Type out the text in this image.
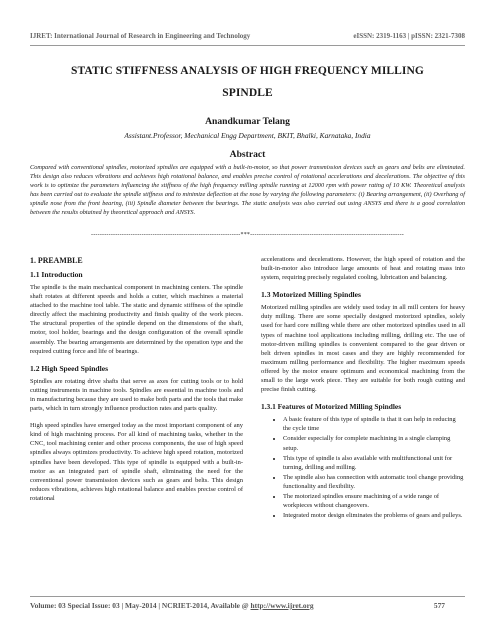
IJRET: International Journal of Research in Engineering and Technology	eISSN: 2319-1163 | pISSN: 2321-7308
STATIC STIFFNESS ANALYSIS OF HIGH FREQUENCY MILLING
SPINDLE
Anandkumar Telang
Assistant.Professor, Mechanical Engg Department, BKIT, Bhalki, Karnataka, India
Abstract
Compared with conventional spindles, motorized spindles are equipped with a built-in-motor, so that power transmission devices such as gears and belts are eliminated. This design also reduces vibrations and achieves high rotational balance, and enables precise control of rotational accelerations and decelerations. The objective of this work is to optimize the parameters influencing the stiffness of the high frequency milling spindle running at 12000 rpm with power rating of 10 KW. Theoretical analysis has been carried out to evaluate the spindle stiffness and to minimize deflection at the nose by varying the following parameters: (i) Bearing arrangement, (ii) Overhang of spindle nose from the front bearing, (iii) Spindle diameter between the bearings. The static analysis was also carried out using ANSYS and there is a good correlation between the results obtained by theoretical approach and ANSYS.
--------------------------------------------------------------------***----------------------------------------------------------------------
1. PREAMBLE
1.1 Introduction

The spindle is the main mechanical component in machining centers. The spindle shaft rotates at different speeds and holds a cutter, which machines a material attached to the machine tool table. The static and dynamic stiffness of the spindle directly affect the machining productivity and finish quality of the work pieces. The structural properties of the spindle depend on the dimensions of the shaft, motor, tool holder, bearings and the design configuration of the overall spindle assembly. The bearing arrangements are determined by the operation type and the required cutting force and life of bearings.

1.2 High Speed Spindles

Spindles are rotating drive shafts that serve as axes for cutting tools or to hold cutting instruments in machine tools. Spindles are essential in machine tools and in manufacturing because they are used to make both parts and the tools that make parts, which in turn strongly influence production rates and parts quality.

High speed spindles have emerged today as the most important component of any kind of high machining process. For all kind of machining tasks, whether in the CNC, tool machining center and other process components, the use of high speed spindles always optimizes productivity. To achieve high speed rotation, motorized spindles have been developed. This type of spindle is equipped with a built-in-motor as an integrated part of spindle shaft, eliminating the need for the conventional power transmission devices such as gears and belts. This design reduces vibrations, achieves high rotational balance and enables precise control of rotational

accelerations and decelerations. However, the high speed of rotation and the built-in-motor also introduce large amounts of heat and rotating mass into system, requiring precisely regulated cooling, lubrication and balancing.

1.3 Motorized Milling Spindles

Motorized milling spindles are widely used today in all mill centers for heavy duty milling. There are some specially designed motorized spindles, solely used for hard core milling while there are other motorized spindles used in all types of machine tool applications including milling, drilling etc. The use of motor-driven milling spindles is convenient compared to the gear driven or belt driven spindles in most cases and they are highly recommended for maximum milling performance and flexibility. The higher maximum speeds offered by the motor ensure optimum and economical machining from the small to the large work piece. They are suitable for both rough cutting and precise finish cutting.

1.3.1 Features of Motorized Milling Spindles
• A basic feature of this type of spindle is that it can help in reducing the cycle time
• Consider especially for complete machining in a single clamping setup.
• This type of spindle is also available with multifunctional unit for turning, drilling and milling.
• The spindle also has connection with automatic tool change providing functionality and flexibility.
• The motorized spindles ensure machining of a wide range of workpieces without changeovers.
• Integrated motor design eliminates the problems of gears and pulleys.
Volume: 03 Special Issue: 03 | May-2014 | NCRIET-2014, Available @ http://www.ijret.org	577
